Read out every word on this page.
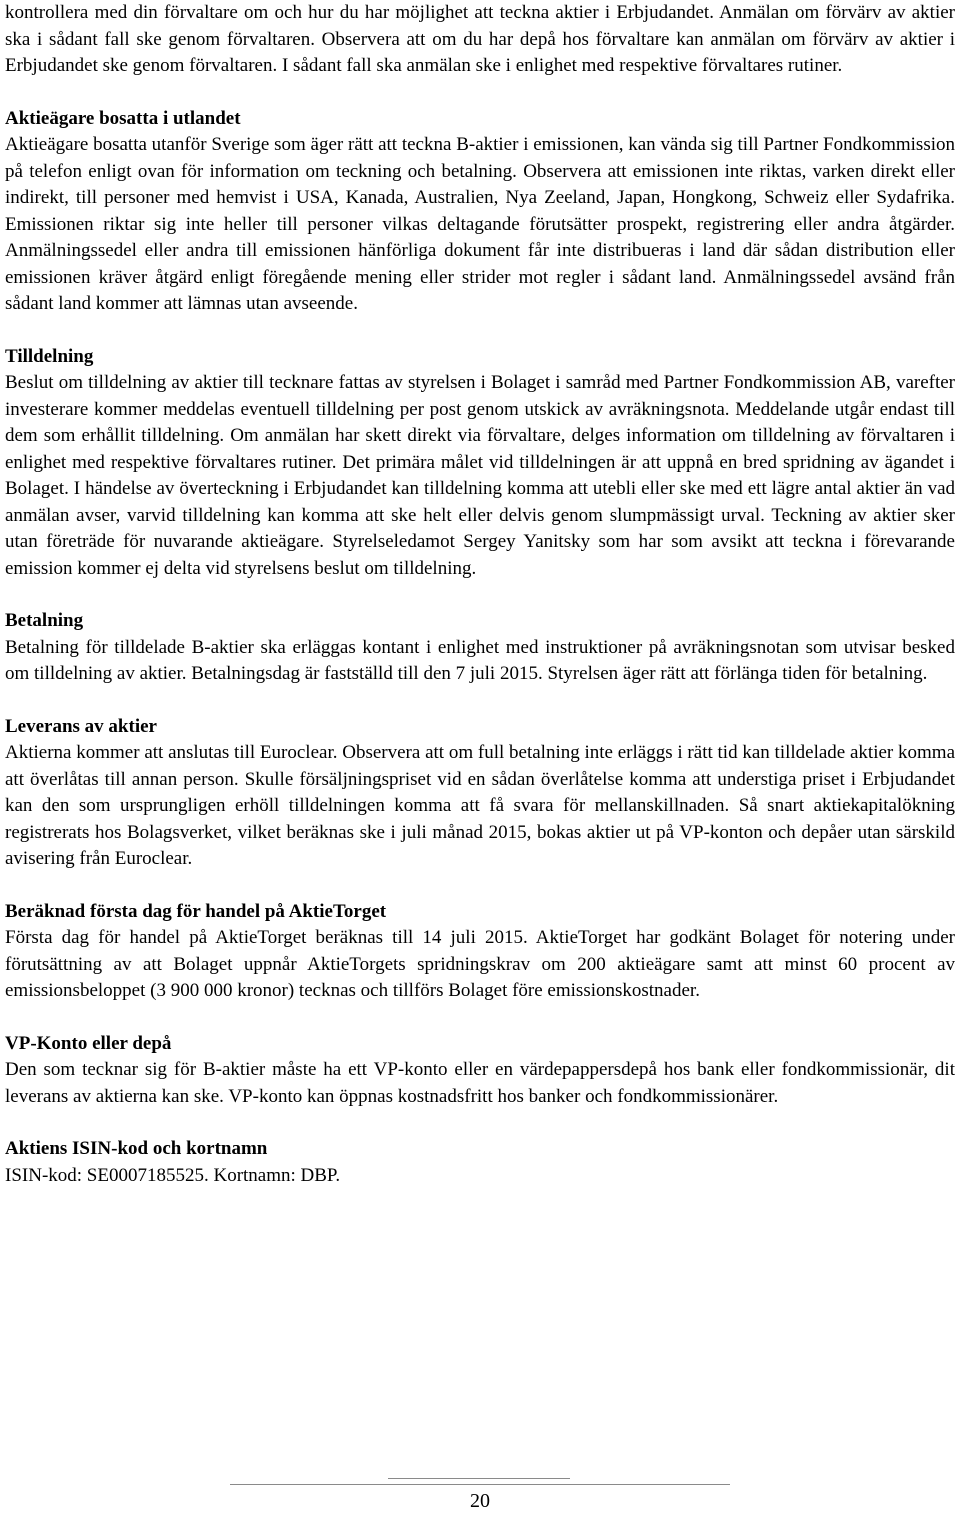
kontrollera med din förvaltare om och hur du har möjlighet att teckna aktier i Erbjudandet. Anmälan om förvärv av aktier ska i sådant fall ske genom förvaltaren. Observera att om du har depå hos förvaltare kan anmälan om förvärv av aktier i Erbjudandet ske genom förvaltaren. I sådant fall ska anmälan ske i enlighet med respektive förvaltares rutiner.

Aktieägare bosatta i utlandet

Aktieägare bosatta utanför Sverige som äger rätt att teckna B-aktier i emissionen, kan vända sig till Partner Fondkommission på telefon enligt ovan för information om teckning och betalning. Observera att emissionen inte riktas, varken direkt eller indirekt, till personer med hemvist i USA, Kanada, Australien, Nya Zeeland, Japan, Hongkong, Schweiz eller Sydafrika. Emissionen riktar sig inte heller till personer vilkas deltagande förutsätter prospekt, registrering eller andra åtgärder. Anmälningssedel eller andra till emissionen hänförliga dokument får inte distribueras i land där sådan distribution eller emissionen kräver åtgärd enligt föregående mening eller strider mot regler i sådant land. Anmälningssedel avsänd från sådant land kommer att lämnas utan avseende.

Tilldelning

Beslut om tilldelning av aktier till tecknare fattas av styrelsen i Bolaget i samråd med Partner Fondkommission AB, varefter investerare kommer meddelas eventuell tilldelning per post genom utskick av avräkningsnota. Meddelande utgår endast till dem som erhållit tilldelning. Om anmälan har skett direkt via förvaltare, delges information om tilldelning av förvaltaren i enlighet med respektive förvaltares rutiner. Det primära målet vid tilldelningen är att uppnå en bred spridning av ägandet i Bolaget. I händelse av överteckning i Erbjudandet kan tilldelning komma att utebli eller ske med ett lägre antal aktier än vad anmälan avser, varvid tilldelning kan komma att ske helt eller delvis genom slumpmässigt urval. Teckning av aktier sker utan företräde för nuvarande aktieägare. Styrelseledamot Sergey Yanitsky som har som avsikt att teckna i förevarande emission kommer ej delta vid styrelsens beslut om tilldelning.

Betalning

Betalning för tilldelade B-aktier ska erläggas kontant i enlighet med instruktioner på avräkningsnotan som utvisar besked om tilldelning av aktier. Betalningsdag är fastställd till den 7 juli 2015. Styrelsen äger rätt att förlänga tiden för betalning.

Leverans av aktier

Aktierna kommer att anslutas till Euroclear. Observera att om full betalning inte erläggs i rätt tid kan tilldelade aktier komma att överlåtas till annan person. Skulle försäljningspriset vid en sådan överlåtelse komma att understiga priset i Erbjudandet kan den som ursprungligen erhöll tilldelningen komma att få svara för mellanskillnaden. Så snart aktiekapitalökning registrerats hos Bolagsverket, vilket beräknas ske i juli månad 2015, bokas aktier ut på VP-konton och depåer utan särskild avisering från Euroclear.

Beräknad första dag för handel på AktieTorget

Första dag för handel på AktieTorget beräknas till 14 juli 2015. AktieTorget har godkänt Bolaget för notering under förutsättning av att Bolaget uppnår AktieTorgets spridningskrav om 200 aktieägare samt att minst 60 procent av emissionsbeloppet (3 900 000 kronor) tecknas och tillförs Bolaget före emissionskostnader.

VP-Konto eller depå

Den som tecknar sig för B-aktier måste ha ett VP-konto eller en värdepappersdepå hos bank eller fondkommissionär, dit leverans av aktierna kan ske. VP-konto kan öppnas kostnadsfritt hos banker och fondkommissionärer.

Aktiens ISIN-kod och kortnamn

ISIN-kod: SE0007185525. Kortnamn: DBP.

20
